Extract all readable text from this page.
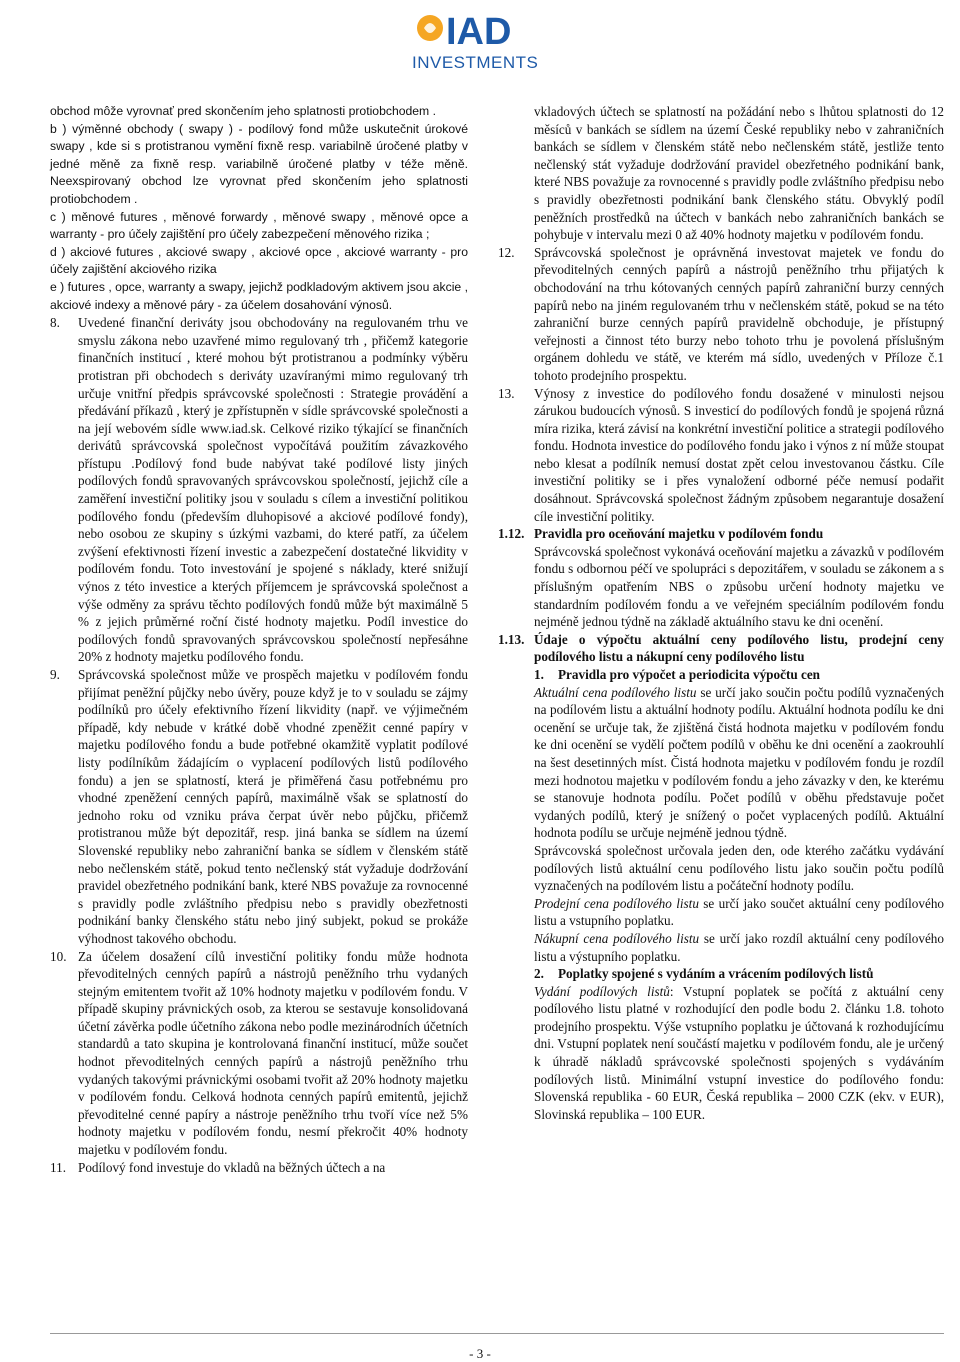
IAD
INVESTMENTS

obchod môže vyrovnať pred skončením jeho splatnosti protiobchodem .

b ) výměnné obchody ( swapy ) - podílový fond může uskutečnit úrokové swapy , kde si s protistranou vymění fixně resp. variabilně úročené platby v jedné měně za fixně resp. variabilně úročené platby v téže měně. Neexspirovaný obchod lze vyrovnat před skončením jeho splatnosti protiobchodem .

c ) měnové futures , měnové forwardy , měnové swapy , měnové opce a warranty - pro účely zajištění pro účely zabezpečení měnového rizika ;

d ) akciové futures , akciové swapy , akciové opce , akciové warranty - pro účely zajištění akciového rizika

e ) futures , opce, warranty a swapy, jejichž podkladovým aktivem jsou akcie , akciové indexy a měnové páry - za účelem dosahování výnosů.

8.	Uvedené finanční deriváty jsou obchodovány na regulovaném trhu ve smyslu zákona nebo uzavřené mimo regulovaný trh , přičemž kategorie finančních institucí , které mohou být protistranou a podmínky výběru protistran při obchodech s deriváty uzavíranými mimo regulovaný trh určuje vnitřní předpis správcovské společnosti : Strategie provádění a předávání příkazů , který je zpřístupněn v sídle správcovské společnosti a na její webovém sídle www.iad.sk. Celkové riziko týkající se finančních derivátů správcovská společnost vypočítává použitím závazkového přístupu .Podílový fond bude nabývat také podílové listy jiných podílových fondů spravovaných správcovskou společností, jejichž cíle a zaměření investiční politiky jsou v souladu s cílem a investiční politikou podílového fondu (především dluhopisové a akciové podílové fondy), nebo osobou ze skupiny s úzkými vazbami, do které patří, za účelem zvýšení efektivnosti řízení investic a zabezpečení dostatečné likvidity v podílovém fondu. Toto investování je spojené s náklady, které snižují výnos z této investice a kterých příjemcem je správcovská společnost a výše odměny za správu těchto podílových fondů může být maximálně 5 % z jejich průměrné roční čisté hodnoty majetku. Podíl investice do podílových fondů spravovaných správcovskou společností nepřesáhne 20% z hodnoty majetku podílového fondu.

9.	Správcovská společnost může ve prospěch majetku v podílovém fondu přijímat peněžní půjčky nebo úvěry, pouze když je to v souladu se zájmy podílníků pro účely efektivního řízení likvidity (např. ve výjimečném případě, kdy nebude v krátké době vhodné zpeněžit cenné papíry v majetku podílového fondu a bude potřebné okamžitě vyplatit podílové listy podílníkům žádajícím o vyplacení podílových listů podílového fondu) a jen se splatností, která je přiměřená času potřebnému pro vhodné zpeněžení cenných papírů, maximálně však se splatností do jednoho roku od vzniku práva čerpat úvěr nebo půjčku, přičemž protistranou může být depozitář, resp. jiná banka se sídlem na území Slovenské republiky nebo zahraniční banka se sídlem v členském státě nebo nečlenském státě, pokud tento nečlenský stát vyžaduje dodržování pravidel obezřetného podnikání bank, které NBS považuje za rovnocenné s pravidly podle zvláštního předpisu nebo s pravidly obezřetnosti podnikání banky členského státu nebo jiný subjekt, pokud se prokáže výhodnost takového obchodu.

10. Za účelem dosažení cílů investiční politiky fondu může hodnota převoditelných cenných papírů a nástrojů peněžního trhu vydaných stejným emitentem tvořit až 10% hodnoty majetku v podílovém fondu. V případě skupiny právnických osob, za kterou se sestavuje konsolidovaná účetní závěrka podle účetního zákona nebo podle mezinárodních účetních standardů a tato skupina je kontrolovaná finanční institucí, může součet hodnot převoditelných cenných papírů a nástrojů peněžního trhu vydaných takovými právnickými osobami tvořit až 20% hodnoty majetku v podílovém fondu. Celková hodnota cenných papírů emitentů, jejichž převoditelné cenné papíry a nástroje peněžního trhu tvoří více než 5% hodnoty majetku v podílovém fondu, nesmí překročit 40% hodnoty majetku v podílovém fondu.

11. Podílový fond investuje do vkladů na běžných účtech a na

vkladových účtech se splatností na požádání nebo s lhůtou splatnosti do 12 měsíců v bankách se sídlem na území České republiky nebo v zahraničních bankách se sídlem v členském státě nebo nečlenském státě, jestliže tento nečlenský stát vyžaduje dodržování pravidel obezřetného podnikání bank, které NBS považuje za rovnocenné s pravidly podle zvláštního předpisu nebo s pravidly obezřetnosti podnikání bank členského státu. Obvyklý podíl peněžních prostředků na účtech v bankách nebo zahraničních bankách se pohybuje v intervalu mezi 0 až 40% hodnoty majetku v podílovém fondu.

12.	Správcovská společnost je oprávněná investovat majetek ve fondu do převoditelných cenných papírů a nástrojů peněžního trhu přijatých k obchodování na trhu kótovaných cenných papírů zahraniční burzy cenných papírů nebo na jiném regulovaném trhu v nečlenském státě, pokud se na této zahraniční burze cenných papírů pravidelně obchoduje, je přístupný veřejnosti a činnost této burzy nebo tohoto trhu je povolená příslušným orgánem dohledu ve státě, ve kterém má sídlo, uvedených v Příloze č.1 tohoto prodejního prospektu.

13.	Výnosy z investice do podílového fondu dosažené v minulosti nejsou zárukou budoucích výnosů. S investicí do podílových fondů je spojená různá míra rizika, která závisí na konkrétní investiční politice a strategii podílového fondu. Hodnota investice do podílového fondu jako i výnos z ní může stoupat nebo klesat a podílník nemusí dostat zpět celou investovanou částku. Cíle investiční politiky se i přes vynaložení odborné péče nemusí podařit dosáhnout. Správcovská společnost žádným způsobem negarantuje dosažení cíle investiční politiky.

1.12. Pravidla pro oceňování majetku v podílovém fondu

Správcovská společnost vykonává oceňování majetku a závazků v podílovém fondu s odbornou péčí ve spolupráci s depozitářem, v souladu se zákonem a s příslušným opatřením NBS o způsobu určení hodnoty majetku ve standardním podílovém fondu a ve veřejném speciálním podílovém fondu nejméně jednou týdně na základě aktuálního stavu ke dni ocenění.

1.13. Údaje o výpočtu aktuální ceny podílového listu, prodejní ceny podílového listu a nákupní ceny podílového listu

1.	Pravidla pro výpočet a periodicita výpočtu cen

Aktuální cena podílového listu se určí jako součin počtu podílů vyznačených na podílovém listu a aktuální hodnoty podílu. Aktuální hodnota podílu ke dni ocenění se určuje tak, že zjištěná čistá hodnota majetku v podílovém fondu ke dni ocenění se vydělí počtem podílů v oběhu ke dni ocenění a zaokrouhlí na šest desetinných míst. Čistá hodnota majetku v podílovém fondu je rozdíl mezi hodnotou majetku v podílovém fondu a jeho závazky v den, ke kterému se stanovuje hodnota podílu. Počet podílů v oběhu představuje počet vydaných podílů, který je snížený o počet vyplacených podílů. Aktuální hodnota podílu se určuje nejméně jednou týdně.

Správcovská společnost určovala jeden den, ode kterého začátku vydávání podílových listů aktuální cenu podílového listu jako součin počtu podílů vyznačených na podílovém listu a počáteční hodnoty podílu.

Prodejní cena podílového listu se určí jako součet aktuální ceny podílového listu a vstupního poplatku.

Nákupní cena podílového listu se určí jako rozdíl aktuální ceny podílového listu a výstupního poplatku.

2.	Poplatky spojené s vydáním a vrácením podílových listů

Vydání podílových listů: Vstupní poplatek se počítá z aktuální ceny podílového listu platné v rozhodující den podle bodu 2. článku 1.8. tohoto prodejního prospektu. Výše vstupního poplatku je účtovaná k rozhodujícímu dni. Vstupní poplatek není součástí majetku v podílovém fondu, ale je určený k úhradě nákladů správcovské společnosti spojených s vydáváním podílových listů. Minimální vstupní investice do podílového fondu: Slovenská republika - 60 EUR, Česká republika – 2000 CZK (ekv. v EUR), Slovinská republika – 100 EUR.

- 3 -
